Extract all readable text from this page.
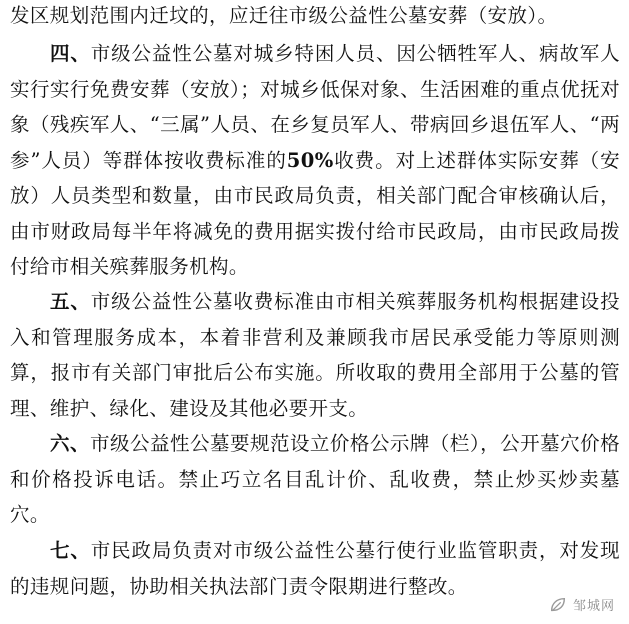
发区规划范围内迁坟的，应迁往市级公益性公墓安葬（安放）。

四、市级公益性公墓对城乡特困人员、因公牺牲军人、病故军人实行实行免费安葬（安放）；对城乡低保对象、生活困难的重点优抚对象（残疾军人、“三属”人员、在乡复员军人、带病回乡退伍军人、“两参”人员）等群体按收费标准的50%收费。对上述群体实际安葬（安放）人员类型和数量，由市民政局负责，相关部门配合审核确认后，由市财政局每半年将减免的费用据实拨付给市民政局，由市民政局拨付给市相关殡葬服务机构。

五、市级公益性公墓收费标准由市相关殡葬服务机构根据建设投入和管理服务成本，本着非营利及兼顾我市居民承受能力等原则测算，报市有关部门审批后公布实施。所收取的费用全部用于公墓的管理、维护、绿化、建设及其他必要开支。

六、市级公益性公墓要规范设立价格公示牌（栏），公开墓穴价格和价格投诉电话。禁止巧立名目乱计价、乱收费，禁止炒买炒卖墓穴。

七、市民政局负责对市级公益性公墓行使行业监管职责，对发现的违规问题，协助相关执法部门责令限期进行整改。

邹城网
